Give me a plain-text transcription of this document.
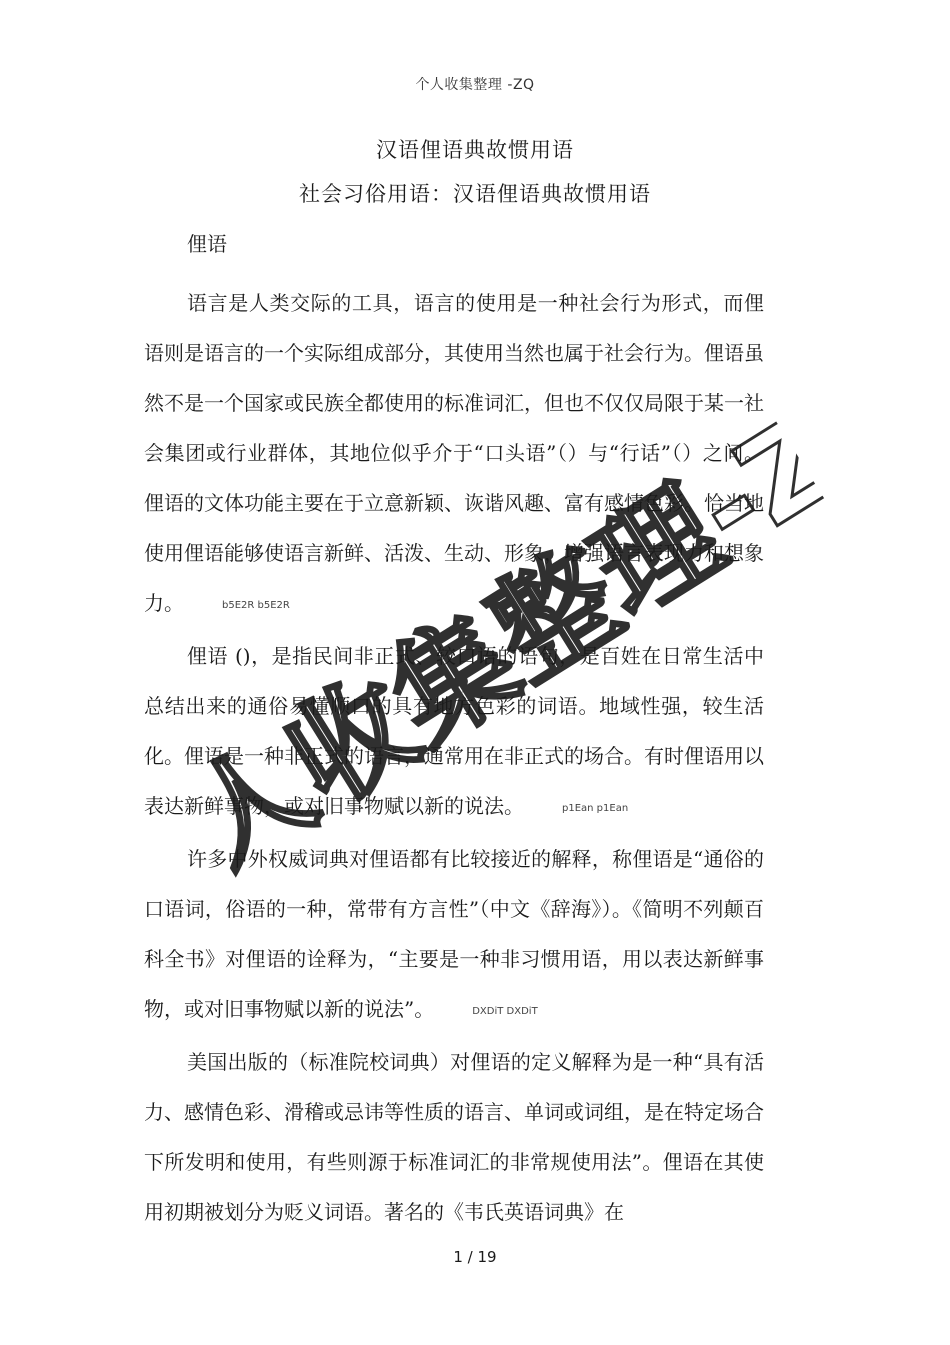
个人收集整理 -ZQ
汉语俚语典故惯用语
社会习俗用语：汉语俚语典故惯用语
俚语

语言是人类交际的工具，语言的使用是一种社会行为形式，而俚语则是语言的一个实际组成部分，其使用当然也属于社会行为。俚语虽然不是一个国家或民族全都使用的标准词汇，但也不仅仅局限于某一社会集团或行业群体，其地位似乎介于“口头语”（）与“行话”（）之间。俚语的文体功能主要在于立意新颖、诙谐风趣、富有感情色彩。恰当地使用俚语能够使语言新鲜、活泼、生动、形象，增强语言表现力和想象力。	b5E2R b5E2R

俚语 ()，是指民间非正式、较口语的语句，是百姓在日常生活中总结出来的通俗易懂顺口的具有地方色彩的词语。地域性强，较生活化。俚语是一种非正式的语言，通常用在非正式的场合。有时俚语用以表达新鲜事物，或对旧事物赋以新的说法。	p1Ean p1Ean

许多中外权威词典对俚语都有比较接近的解释，称俚语是“通俗的口语词，俗语的一种，常带有方言性”（中文《辞海》）。《简明不列颠百科全书》对俚语的诠释为，“主要是一种非习惯用语，用以表达新鲜事物，或对旧事物赋以新的说法”。	DXDiT DXDiT

美国出版的（标准院校词典）对俚语的定义解释为是一种“具有活力、感情色彩、滑稽或忌讳等性质的语言、单词或词组，是在特定场合下所发明和使用，有些则源于标准词汇的非常规使用法”。俚语在其使用初期被划分为贬义词语。著名的《韦氏英语词典》在

个人收集整理-ZQ
1 / 19
